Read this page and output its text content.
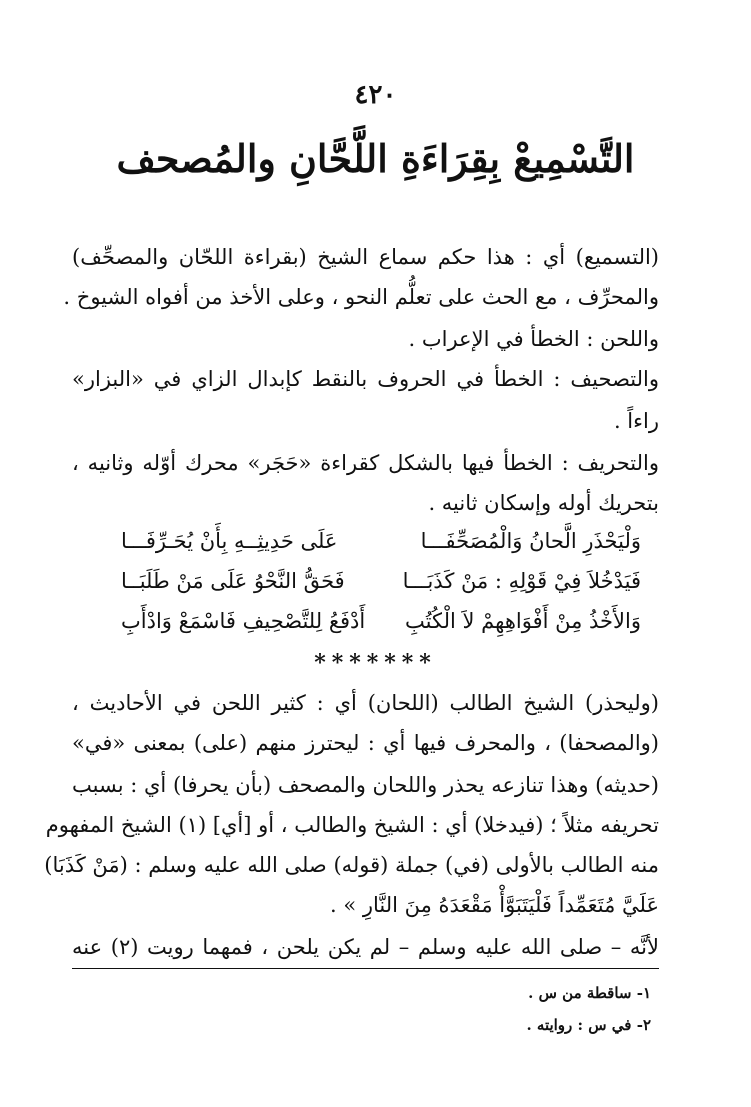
٤٢٠
التَّسْمِيعْ بِقِرَاءَةِ اللَّحَّانِ والمُصحف
(التسميع) أي : هذا حكم سماع الشيخ (بقراءة اللحّان والمصحِّف)
والمحرِّف ، مع الحث على تعلُّم النحو ، وعلى الأخذ من أفواه الشيوخ .
واللحن : الخطأ في الإعراب .
والتصحيف : الخطأ في الحروف بالنقط كإبدال الزاي في «البزار»
راءاً .
والتحريف : الخطأ فيها بالشكل كقراءة «حَجَر» محرك أوّله وثانيه ،
بتحريك أوله وإسكان ثانيه .
وَلْيَحْذَرِ الَّحانُ وَالْمُصَحِّفَـــا
عَلَى حَدِيثِــهِ بِأَنْ يُحَـرِّفَـــا
فَيَدْخُلاَ فِيْ قَوْلِهِ : مَنْ كَذَبَـــا
فَحَقُّ النَّحْوُ عَلَى مَنْ طَلَبَــا
وَالأَخْذُ مِنْ أَفْوَاهِهِمْ لاَ الْكُتُبِ
أَدْفَعُ لِلتَّصْحِيفِ فَاسْمَعْ وَادْأَبِ
*******
(وليحذر) الشيخ الطالب (اللحان) أي : كثير اللحن في الأحاديث ،
(والمصحفا) ، والمحرف فيها أي : ليحترز منهم (على) بمعنى «في»
(حديثه) وهذا تنازعه يحذر واللحان والمصحف (بأن يحرفا) أي : بسبب
تحريفه مثلاً ؛ (فيدخلا) أي : الشيخ والطالب ، أو [أي] (١) الشيخ المفهوم
منه الطالب بالأولى (في) جملة (قوله) صلى الله عليه وسلم : (مَنْ كَذَبَا)
عَلَيَّ مُتَعَمِّداً فَلْيَتَبَوَّأْ مَقْعَدَهُ مِنَ النَّارِ » .
لأنَّه – صلى الله عليه وسلم – لم يكن يلحن ، فمهما رويت (٢) عنه
١- ساقطة من س .
٢- في س : روايته .
